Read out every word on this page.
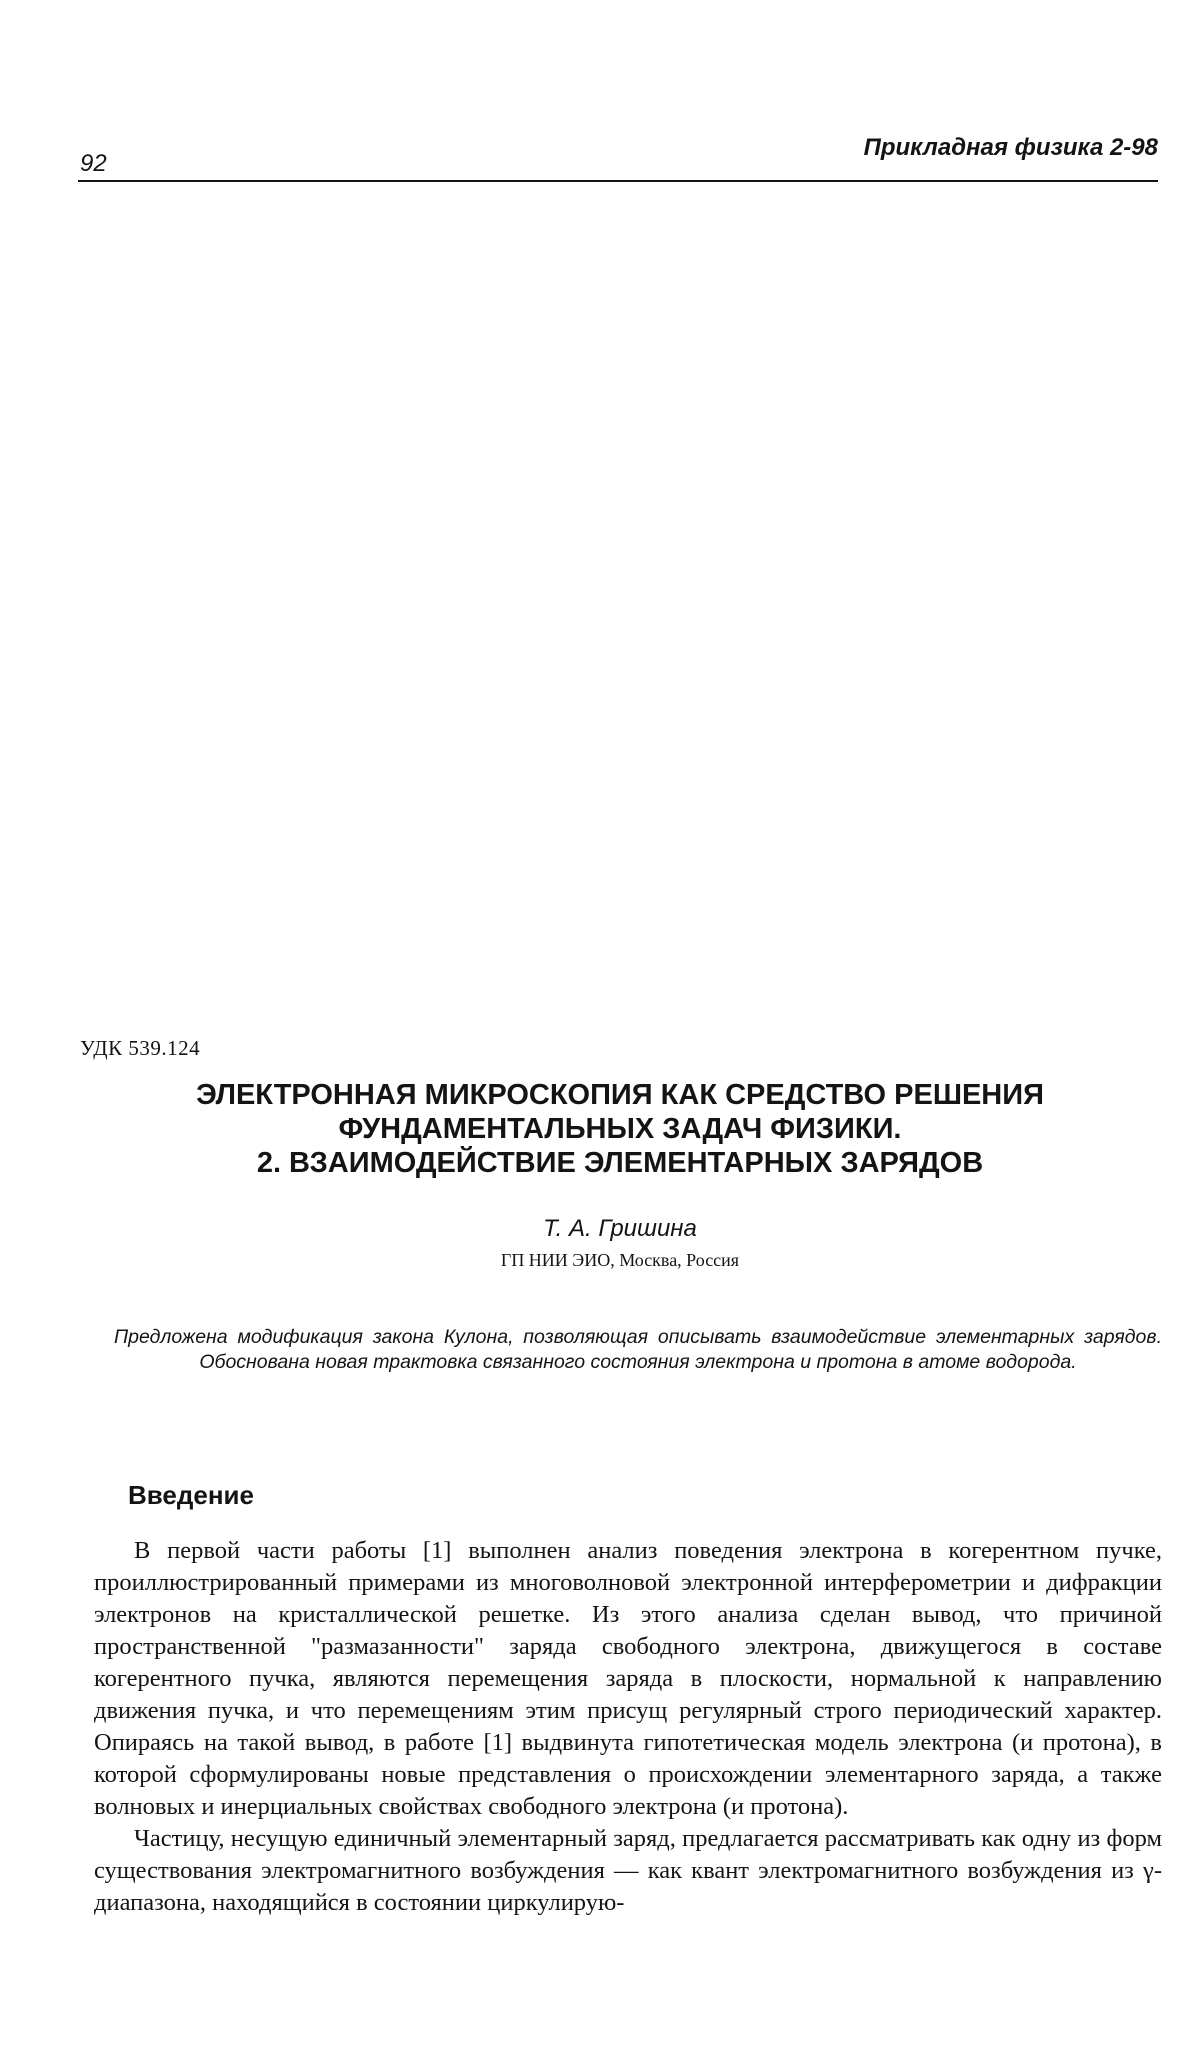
92
Прикладная физика 2-98
УДК 539.124
ЭЛЕКТРОННАЯ МИКРОСКОПИЯ КАК СРЕДСТВО РЕШЕНИЯ
ФУНДАМЕНТАЛЬНЫХ ЗАДАЧ ФИЗИКИ.
2. ВЗАИМОДЕЙСТВИЕ ЭЛЕМЕНТАРНЫХ ЗАРЯДОВ
Т. А. Гришина
ГП НИИ ЭИО, Москва, Россия
Предложена модификация закона Кулона, позволяющая описывать взаимодействие элементарных зарядов. Обоснована новая трактовка связанного состояния электрона и протона в атоме водорода.
Введение

В первой части работы [1] выполнен анализ поведения электрона в когерентном пучке, проиллюстрированный примерами из многоволновой электронной интерферометрии и дифракции электронов на кристаллической решетке. Из этого анализа сделан вывод, что причиной пространственной "размазанности" заряда свободного электрона, движущегося в составе когерентного пучка, являются перемещения заряда в плоскости, нормальной к направлению движения пучка, и что перемещениям этим присущ регулярный строго периодический характер. Опираясь на такой вывод, в работе [1] выдвинута гипотетическая модель электрона (и протона), в которой сформулированы новые представления о происхождении элементарного заряда, а также волновых и инерциальных свойствах свободного электрона (и протона).

Частицу, несущую единичный элементарный заряд, предлагается рассматривать как одну из форм существования электромагнитного возбуждения — как квант электромагнитного возбуждения из γ-диапазона, находящийся в состоянии циркулирую-
